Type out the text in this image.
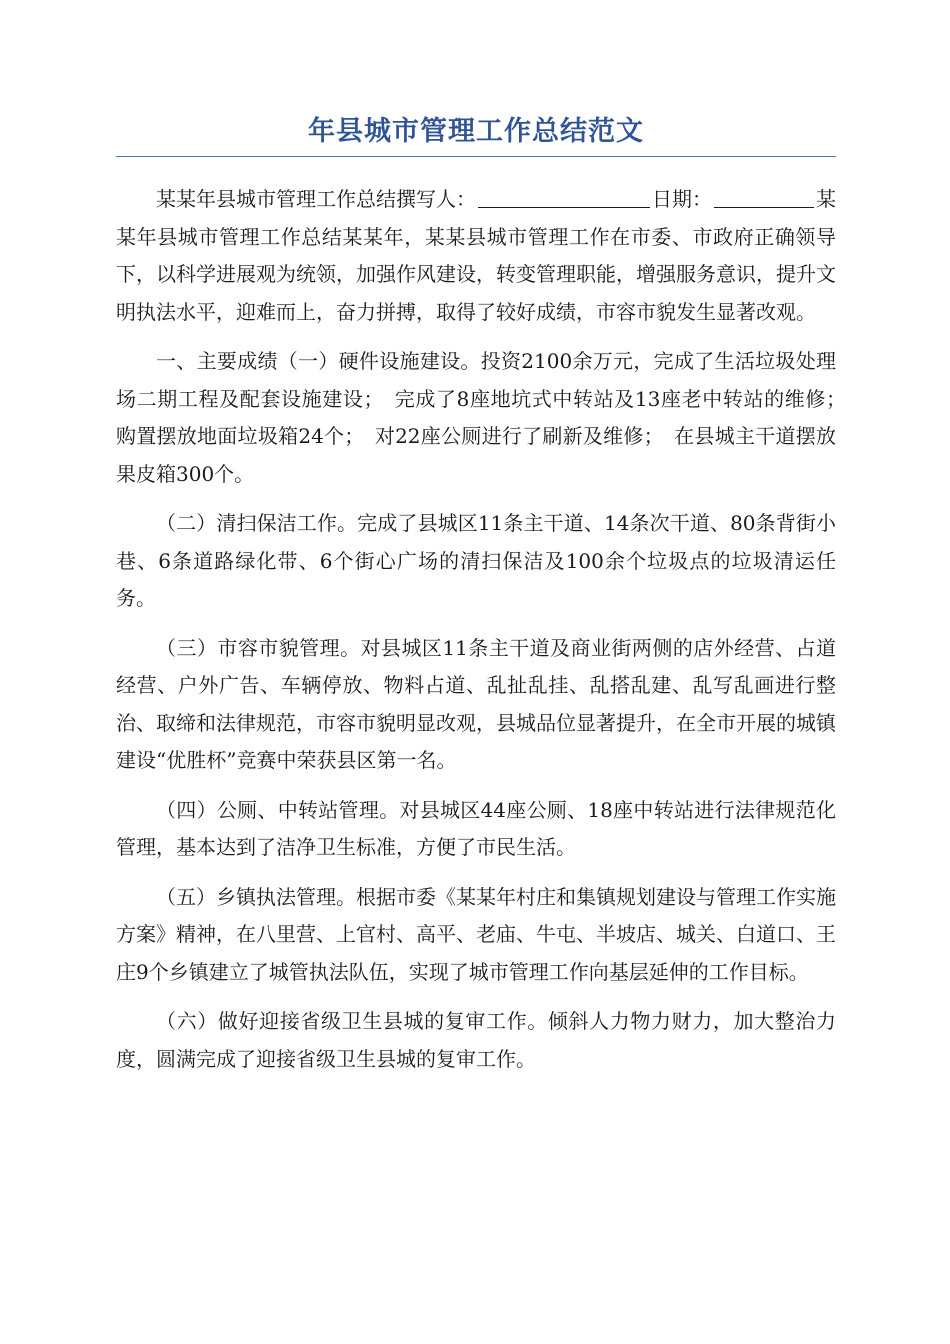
年县城市管理工作总结范文

某某年县城市管理工作总结撰写人：	日期：	某某年县城市管理工作总结某某年，某某县城市管理工作在市委、市政府正确领导下，以科学进展观为统领，加强作风建设，转变管理职能，增强服务意识，提升文明执法水平，迎难而上，奋力拼搏，取得了较好成绩，市容市貌发生显著改观。

一、主要成绩（一）硬件设施建设。投资2100余万元，完成了生活垃圾处理场二期工程及配套设施建设；　完成了8座地坑式中转站及13座老中转站的维修；　购置摆放地面垃圾箱24个；　对22座公厕进行了刷新及维修；　在县城主干道摆放果皮箱300个。

（二）清扫保洁工作。完成了县城区11条主干道、14条次干道、80条背街小巷、6条道路绿化带、6个街心广场的清扫保洁及100余个垃圾点的垃圾清运任务。

（三）市容市貌管理。对县城区11条主干道及商业街两侧的店外经营、占道经营、户外广告、车辆停放、物料占道、乱扯乱挂、乱搭乱建、乱写乱画进行整治、取缔和法律规范，市容市貌明显改观，县城品位显著提升，在全市开展的城镇建设“优胜杯”竞赛中荣获县区第一名。

（四）公厕、中转站管理。对县城区44座公厕、18座中转站进行法律规范化管理，基本达到了洁净卫生标准，方便了市民生活。

（五）乡镇执法管理。根据市委《某某年村庄和集镇规划建设与管理工作实施方案》精神，在八里营、上官村、高平、老庙、牛屯、半坡店、城关、白道口、王庄9个乡镇建立了城管执法队伍，实现了城市管理工作向基层延伸的工作目标。

（六）做好迎接省级卫生县城的复审工作。倾斜人力物力财力，加大整治力度，圆满完成了迎接省级卫生县城的复审工作。
